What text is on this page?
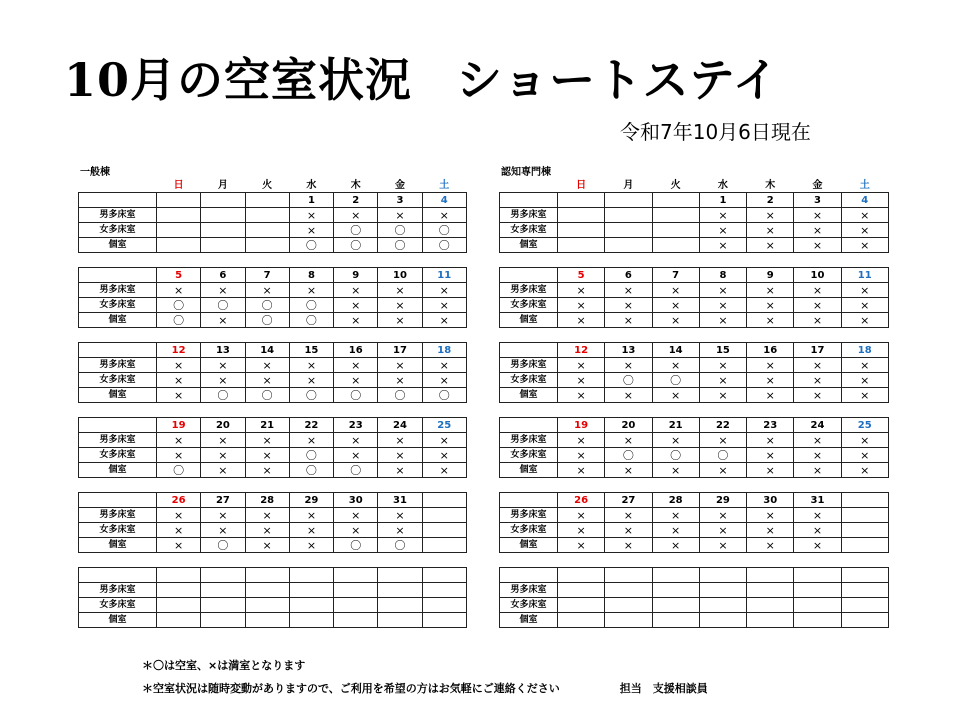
10月の空室状況 ショートステイ
令和7年10月6日現在
一般棟	認知専門棟
	日	月	火	水	木	金	土
				1	2	3	4
男多床室				×	×	×	×
女多床室				×	〇	〇	〇
個室				〇	〇	〇	〇

	5	6	7	8	9	10	11
男多床室	×	×	×	×	×	×	×
女多床室	〇	〇	〇	〇	×	×	×
個室	〇	×	〇	〇	×	×	×

	12	13	14	15	16	17	18
男多床室	×	×	×	×	×	×	×
女多床室	×	×	×	×	×	×	×
個室	×	〇	〇	〇	〇	〇	〇

	19	20	21	22	23	24	25
男多床室	×	×	×	×	×	×	×
女多床室	×	×	×	〇	×	×	×
個室	〇	×	×	〇	〇	×	×

	26	27	28	29	30	31	
男多床室	×	×	×	×	×	×	
女多床室	×	×	×	×	×	×	
個室	×	〇	×	×	〇	〇	

男多床室							
女多床室							
個室							
	日	月	火	水	木	金	土
				1	2	3	4
男多床室				×	×	×	×
女多床室				×	×	×	×
個室				×	×	×	×

	5	6	7	8	9	10	11
男多床室	×	×	×	×	×	×	×
女多床室	×	×	×	×	×	×	×
個室	×	×	×	×	×	×	×

	12	13	14	15	16	17	18
男多床室	×	×	×	×	×	×	×
女多床室	×	〇	〇	×	×	×	×
個室	×	×	×	×	×	×	×

	19	20	21	22	23	24	25
男多床室	×	×	×	×	×	×	×
女多床室	×	〇	〇	〇	×	×	×
個室	×	×	×	×	×	×	×

	26	27	28	29	30	31	
男多床室	×	×	×	×	×	×	
女多床室	×	×	×	×	×	×	
個室	×	×	×	×	×	×	

男多床室							
女多床室							
個室							
＊〇は空室、×は満室となります
＊空室状況は随時変動がありますので、ご利用を希望の方はお気軽にご連絡ください	担当　支援相談員
